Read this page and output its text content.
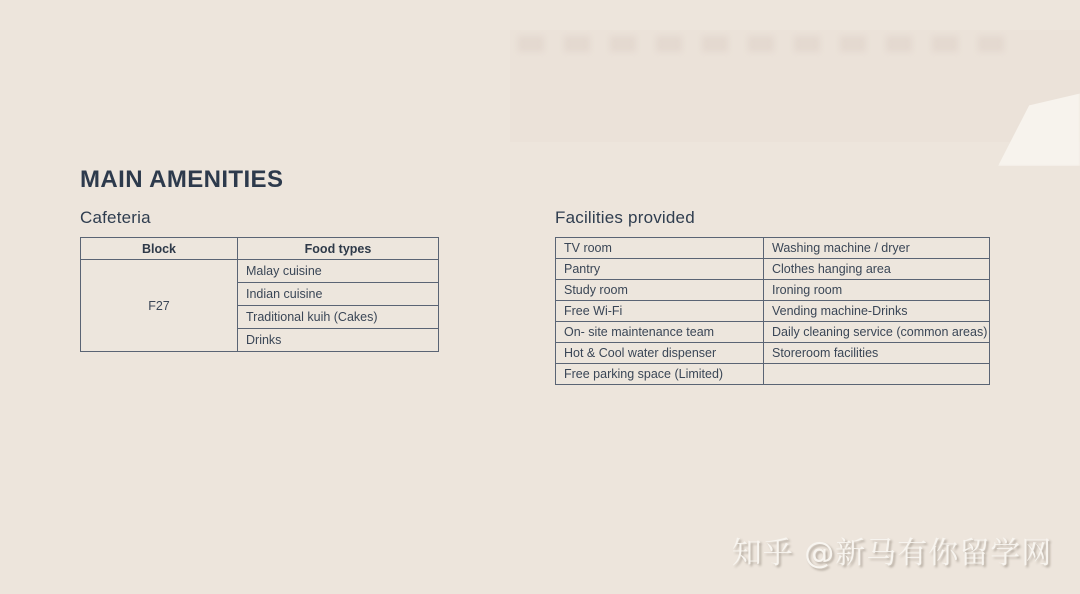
MAIN AMENITIES
Cafeteria
Block	Food types
F27	Malay cuisine
	Indian cuisine
	Traditional kuih (Cakes)
	Drinks
Facilities provided
TV room	Washing machine / dryer
Pantry	Clothes hanging area
Study room	Ironing room
Free Wi-Fi	Vending machine-Drinks
On- site maintenance team	Daily cleaning service (common areas)
Hot & Cool water dispenser	Storeroom facilities
Free parking space (Limited)	
知乎 @新马有你留学网
